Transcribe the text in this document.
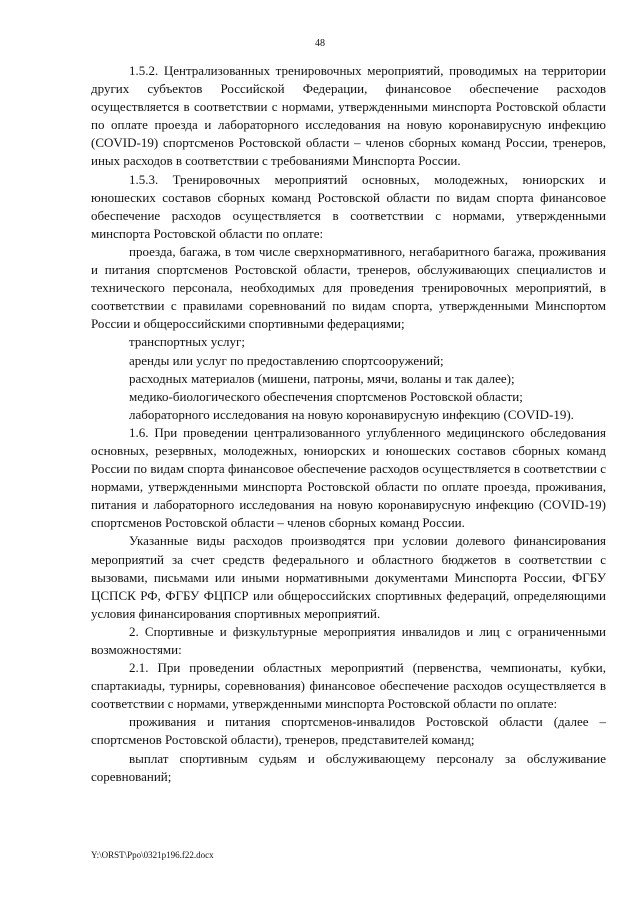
48

1.5.2. Централизованных тренировочных мероприятий, проводимых на территории других субъектов Российской Федерации, финансовое обеспечение расходов осуществляется в соответствии с нормами, утвержденными минспорта Ростовской области по оплате проезда и лабораторного исследования на новую коронавирусную инфекцию (COVID-19) спортсменов Ростовской области – членов сборных команд России, тренеров, иных расходов в соответствии с требованиями Минспорта России.

1.5.3. Тренировочных мероприятий основных, молодежных, юниорских и юношеских составов сборных команд Ростовской области по видам спорта финансовое обеспечение расходов осуществляется в соответствии с нормами, утвержденными минспорта Ростовской области по оплате:

проезда, багажа, в том числе сверхнормативного, негабаритного багажа, проживания и питания спортсменов Ростовской области, тренеров, обслуживающих специалистов и технического персонала, необходимых для проведения тренировочных мероприятий, в соответствии с правилами соревнований по видам спорта, утвержденными Минспортом России и общероссийскими спортивными федерациями;

транспортных услуг;

аренды или услуг по предоставлению спортсооружений;

расходных материалов (мишени, патроны, мячи, воланы и так далее);

медико-биологического обеспечения спортсменов Ростовской области;

лабораторного исследования на новую коронавирусную инфекцию (COVID-19).

1.6. При проведении централизованного углубленного медицинского обследования основных, резервных, молодежных, юниорских и юношеских составов сборных команд России по видам спорта финансовое обеспечение расходов осуществляется в соответствии с нормами, утвержденными минспорта Ростовской области по оплате проезда, проживания, питания и лабораторного исследования на новую коронавирусную инфекцию (COVID-19) спортсменов Ростовской области – членов сборных команд России.

Указанные виды расходов производятся при условии долевого финансирования мероприятий за счет средств федерального и областного бюджетов в соответствии с вызовами, письмами или иными нормативными документами Минспорта России, ФГБУ ЦСПСК РФ, ФГБУ ФЦПСР или общероссийских спортивных федераций, определяющими условия финансирования спортивных мероприятий.

2. Спортивные и физкультурные мероприятия инвалидов и лиц с ограниченными возможностями:

2.1. При проведении областных мероприятий (первенства, чемпионаты, кубки, спартакиады, турниры, соревнования) финансовое обеспечение расходов осуществляется в соответствии с нормами, утвержденными минспорта Ростовской области по оплате:

проживания и питания спортсменов-инвалидов Ростовской области (далее – спортсменов Ростовской области), тренеров, представителей команд;

выплат спортивным судьям и обслуживающему персоналу за обслуживание соревнований;

Y:\ORST\Ppo\0321p196.f22.docx
